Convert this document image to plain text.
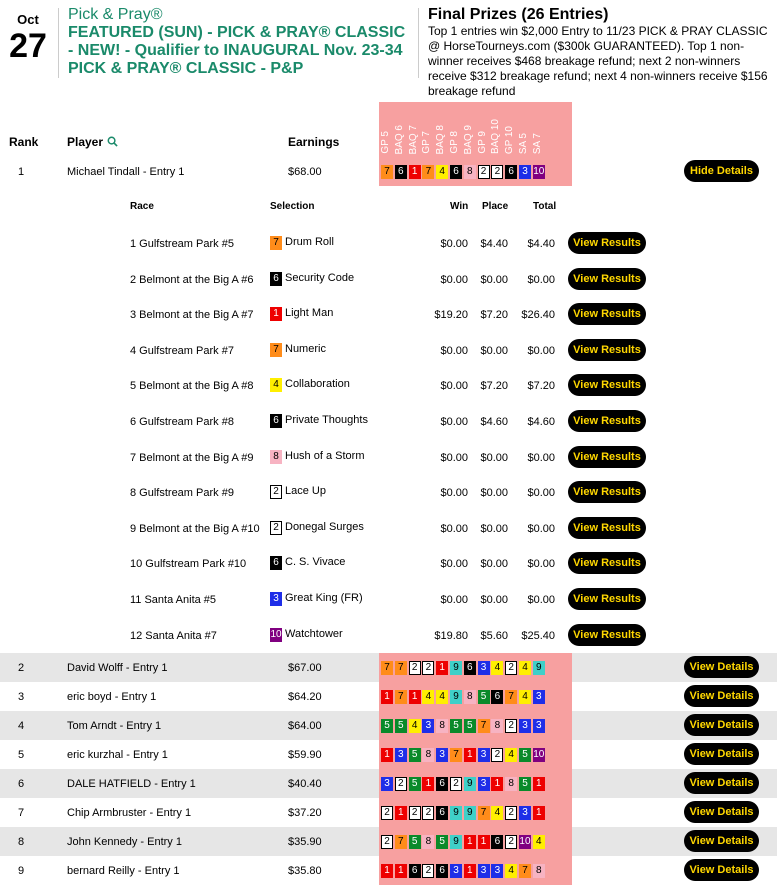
Oct
27
Pick & Pray®
FEATURED (SUN) - PICK & PRAY® CLASSIC - NEW! - Qualifier to INAUGURAL Nov. 23-34 PICK & PRAY® CLASSIC - P&P
Final Prizes (26 Entries)
Top 1 entries win $2,000 Entry to 11/23 PICK & PRAY CLASSIC @ HorseTourneys.com ($300k GUARANTEED). Top 1 non-winner receives $468 breakage refund; next 2 non-winners receive $312 breakage refund; next 4 non-winners receive $156 breakage refund
Rank Player	Earnings	GP 5 BAQ 6 BAQ 7 GP 7 BAQ 8 GP 8 BAQ 9 GP 9 BAQ 10 GP 10 SA 5 SA 7
1	Michael Tindall - Entry 1	$68.00	7 6 1 7 4 6 8 2 2 6 3 10	Hide Details
2	David Wolff - Entry 1	$67.00	7 7 2 2 1 9 6 3 4 2 4 9	View Details
3	eric boyd - Entry 1	$64.20	1 7 1 4 4 9 8 5 6 7 4 3	View Details
4	Tom Arndt - Entry 1	$64.00	5 5 4 3 8 5 5 7 8 2 3 3	View Details
5	eric kurzhal - Entry 1	$59.90	1 3 5 8 3 7 1 3 2 4 5 10	View Details
6	DALE HATFIELD - Entry 1	$40.40	3 2 5 1 6 2 9 3 1 8 5 1	View Details
7	Chip Armbruster - Entry 1	$37.20	2 1 2 2 6 9 9 7 4 2 3 1	View Details
8	John Kennedy - Entry 1	$35.90	2 7 5 8 5 9 1 1 6 2 10 4	View Details
9	bernard Reilly - Entry 1	$35.80	1 1 6 2 6 3 1 3 3 4 7 8	View Details
Race	Selection	Win Place Total
1 Gulfstream Park #5	7 Drum Roll	$0.00	$4.40	$4.40	View Results
2 Belmont at the Big A #6	6 Security Code	$0.00	$0.00	$0.00	View Results
3 Belmont at the Big A #7	1 Light Man	$19.20	$7.20	$26.40	View Results
4 Gulfstream Park #7	7 Numeric	$0.00	$0.00	$0.00	View Results
5 Belmont at the Big A #8	4 Collaboration	$0.00	$7.20	$7.20	View Results
6 Gulfstream Park #8	6 Private Thoughts	$0.00	$4.60	$4.60	View Results
7 Belmont at the Big A #9	8 Hush of a Storm	$0.00	$0.00	$0.00	View Results
8 Gulfstream Park #9	2 Lace Up	$0.00	$0.00	$0.00	View Results
9 Belmont at the Big A #10	2 Donegal Surges	$0.00	$0.00	$0.00	View Results
10 Gulfstream Park #10	6 C. S. Vivace	$0.00	$0.00	$0.00	View Results
11 Santa Anita #5	3 Great King (FR)	$0.00	$0.00	$0.00	View Results
12 Santa Anita #7	10 Watchtower	$19.80	$5.60	$25.40	View Results
